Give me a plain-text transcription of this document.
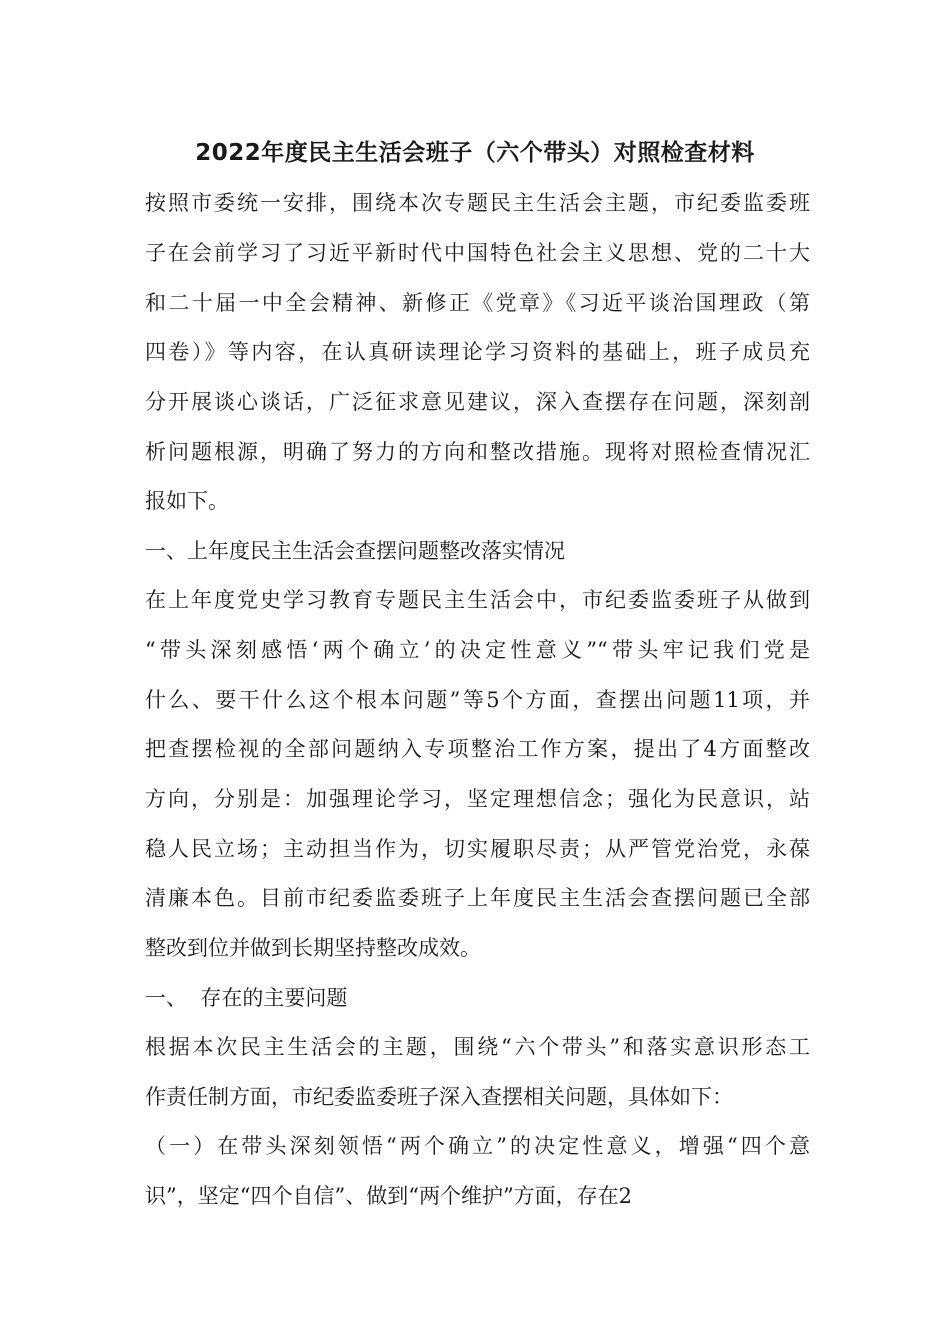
2022年度民主生活会班子（六个带头）对照检查材料

按照市委统一安排，围绕本次专题民主生活会主题，市纪委监委班

子在会前学习了习近平新时代中国特色社会主义思想、党的二十大

和二十届一中全会精神、新修正《党章》《习近平谈治国理政（第

四卷）》等内容，在认真研读理论学习资料的基础上，班子成员充

分开展谈心谈话，广泛征求意见建议，深入查摆存在问题，深刻剖

析问题根源，明确了努力的方向和整改措施。现将对照检查情况汇

报如下。

一、上年度民主生活会查摆问题整改落实情况

在上年度党史学习教育专题民主生活会中，市纪委监委班子从做到

“带头深刻感悟‘两个确立’的决定性意义”“带头牢记我们党是

什么、要干什么这个根本问题”等5个方面，查摆出问题11项，并

把查摆检视的全部问题纳入专项整治工作方案，提出了4方面整改

方向，分别是：加强理论学习，坚定理想信念；强化为民意识，站

稳人民立场；主动担当作为，切实履职尽责；从严管党治党，永葆

清廉本色。目前市纪委监委班子上年度民主生活会查摆问题已全部

整改到位并做到长期坚持整改成效。

一、  存在的主要问题

根据本次民主生活会的主题，围绕“六个带头”和落实意识形态工

作责任制方面，市纪委监委班子深入查摆相关问题，具体如下：

（一）在带头深刻领悟“两个确立”的决定性意义，增强“四个意

识”，坚定“四个自信”、做到“两个维护”方面，存在2
